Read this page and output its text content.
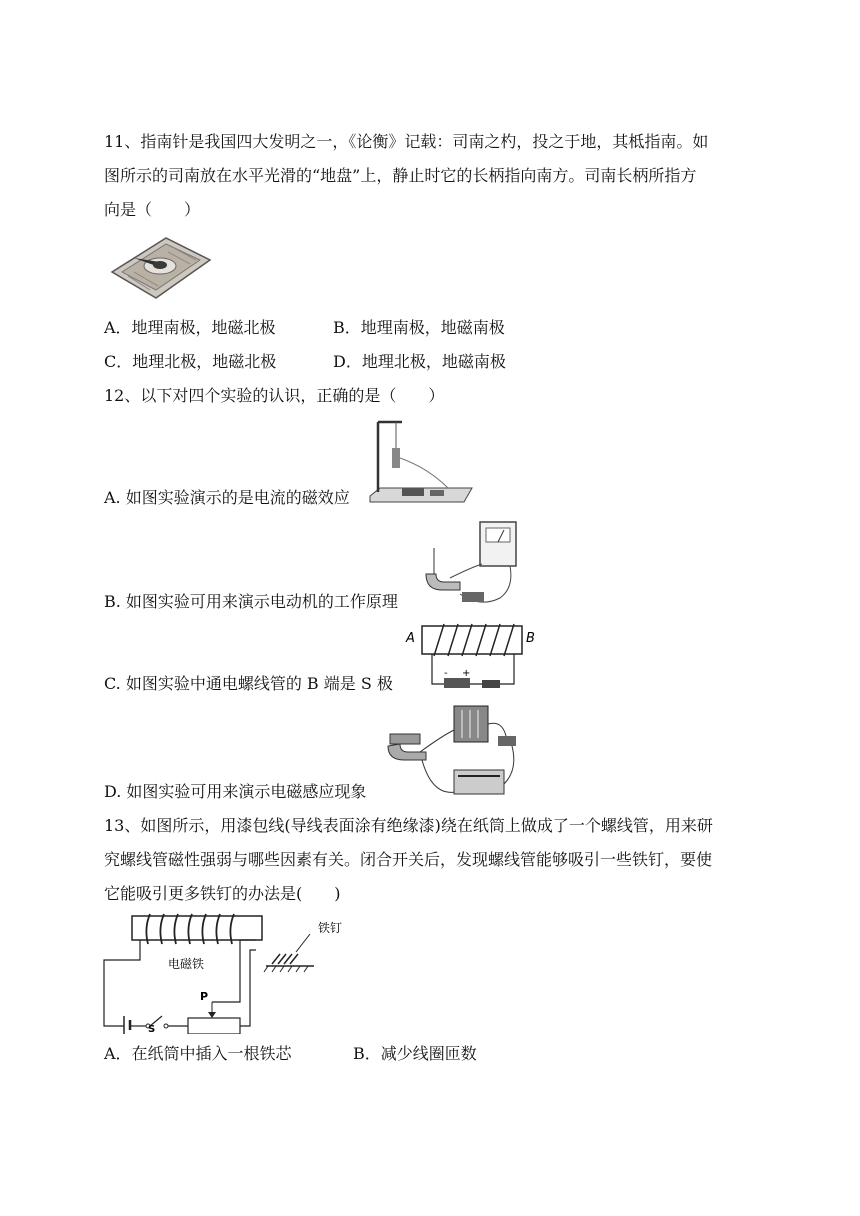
11、指南针是我国四大发明之一，《论衡》记载：司南之杓，投之于地，其柢指南。如
图所示的司南放在水平光滑的“地盘”上，静止时它的长柄指向南方。司南长柄所指方
向是（　　）
A．地理南极，地磁北极	B．地理南极，地磁南极
C．地理北极，地磁北极	D．地理北极，地磁南极
12、以下对四个实验的认识，正确的是（　　）
A. 如图实验演示的是电流的磁效应
B. 如图实验可用来演示电动机的工作原理
A	B
- +
C. 如图实验中通电螺线管的 B 端是 S 极
D. 如图实验可用来演示电磁感应现象
13、如图所示，用漆包线(导线表面涂有绝缘漆)绕在纸筒上做成了一个螺线管，用来研
究螺线管磁性强弱与哪些因素有关。闭合开关后，发现螺线管能够吸引一些铁钉，要使
它能吸引更多铁钉的办法是(　　)
电磁铁
铁钉
S
P
A．在纸筒中插入一根铁芯	B．减少线圈匝数
